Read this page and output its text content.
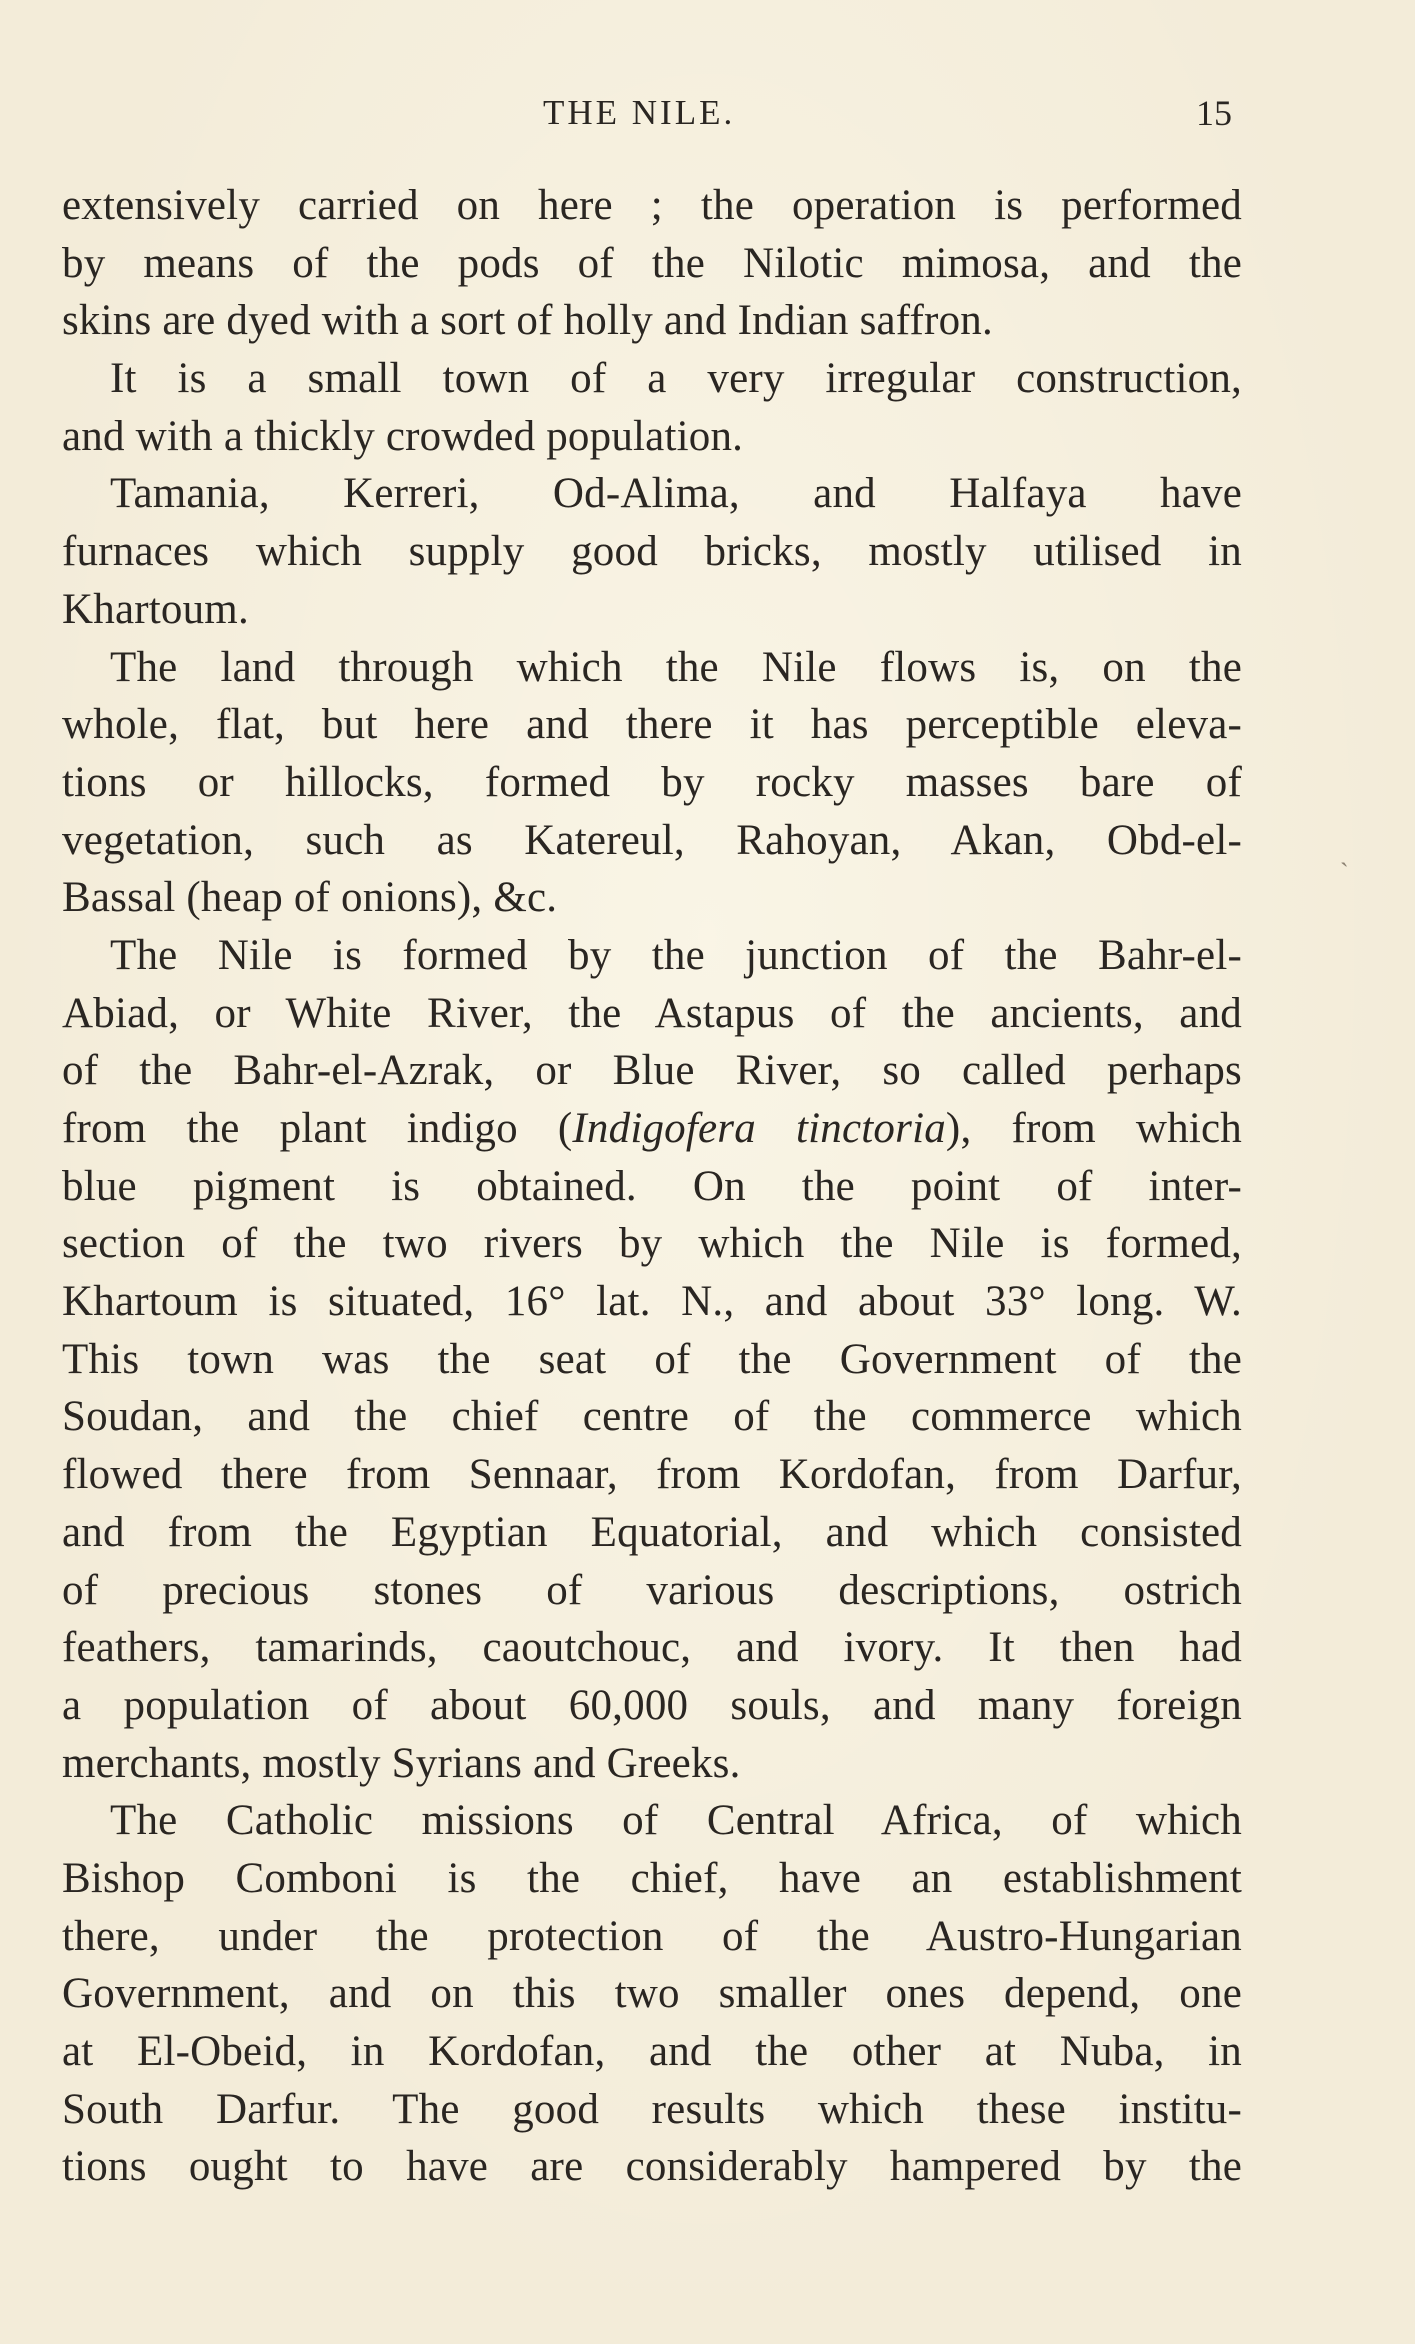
THE NILE.	15
extensively carried on here ; the operation is performed
by means of the pods of the Nilotic mimosa, and the
skins are dyed with a sort of holly and Indian saffron.
It is a small town of a very irregular construction,
and with a thickly crowded population.
Tamania, Kerreri, Od-Alima, and Halfaya have
furnaces which supply good bricks, mostly utilised in
Khartoum.
The land through which the Nile flows is, on the
whole, flat, but here and there it has perceptible eleva-
tions or hillocks, formed by rocky masses bare of
vegetation, such as Katereul, Rahoyan, Akan, Obd-el-
Bassal (heap of onions), &c.
The Nile is formed by the junction of the Bahr-el-
Abiad, or White River, the Astapus of the ancients, and
of the Bahr-el-Azrak, or Blue River, so called perhaps
from the plant indigo (Indigofera tinctoria), from which
blue pigment is obtained. On the point of inter-
section of the two rivers by which the Nile is formed,
Khartoum is situated, 16° lat. N., and about 33° long. W.
This town was the seat of the Government of the
Soudan, and the chief centre of the commerce which
flowed there from Sennaar, from Kordofan, from Darfur,
and from the Egyptian Equatorial, and which consisted
of precious stones of various descriptions, ostrich
feathers, tamarinds, caoutchouc, and ivory. It then had
a population of about 60,000 souls, and many foreign
merchants, mostly Syrians and Greeks.
The Catholic missions of Central Africa, of which
Bishop Comboni is the chief, have an establishment
there, under the protection of the Austro-Hungarian
Government, and on this two smaller ones depend, one
at El-Obeid, in Kordofan, and the other at Nuba, in
South Darfur. The good results which these institu-
tions ought to have are considerably hampered by the
ˏ
